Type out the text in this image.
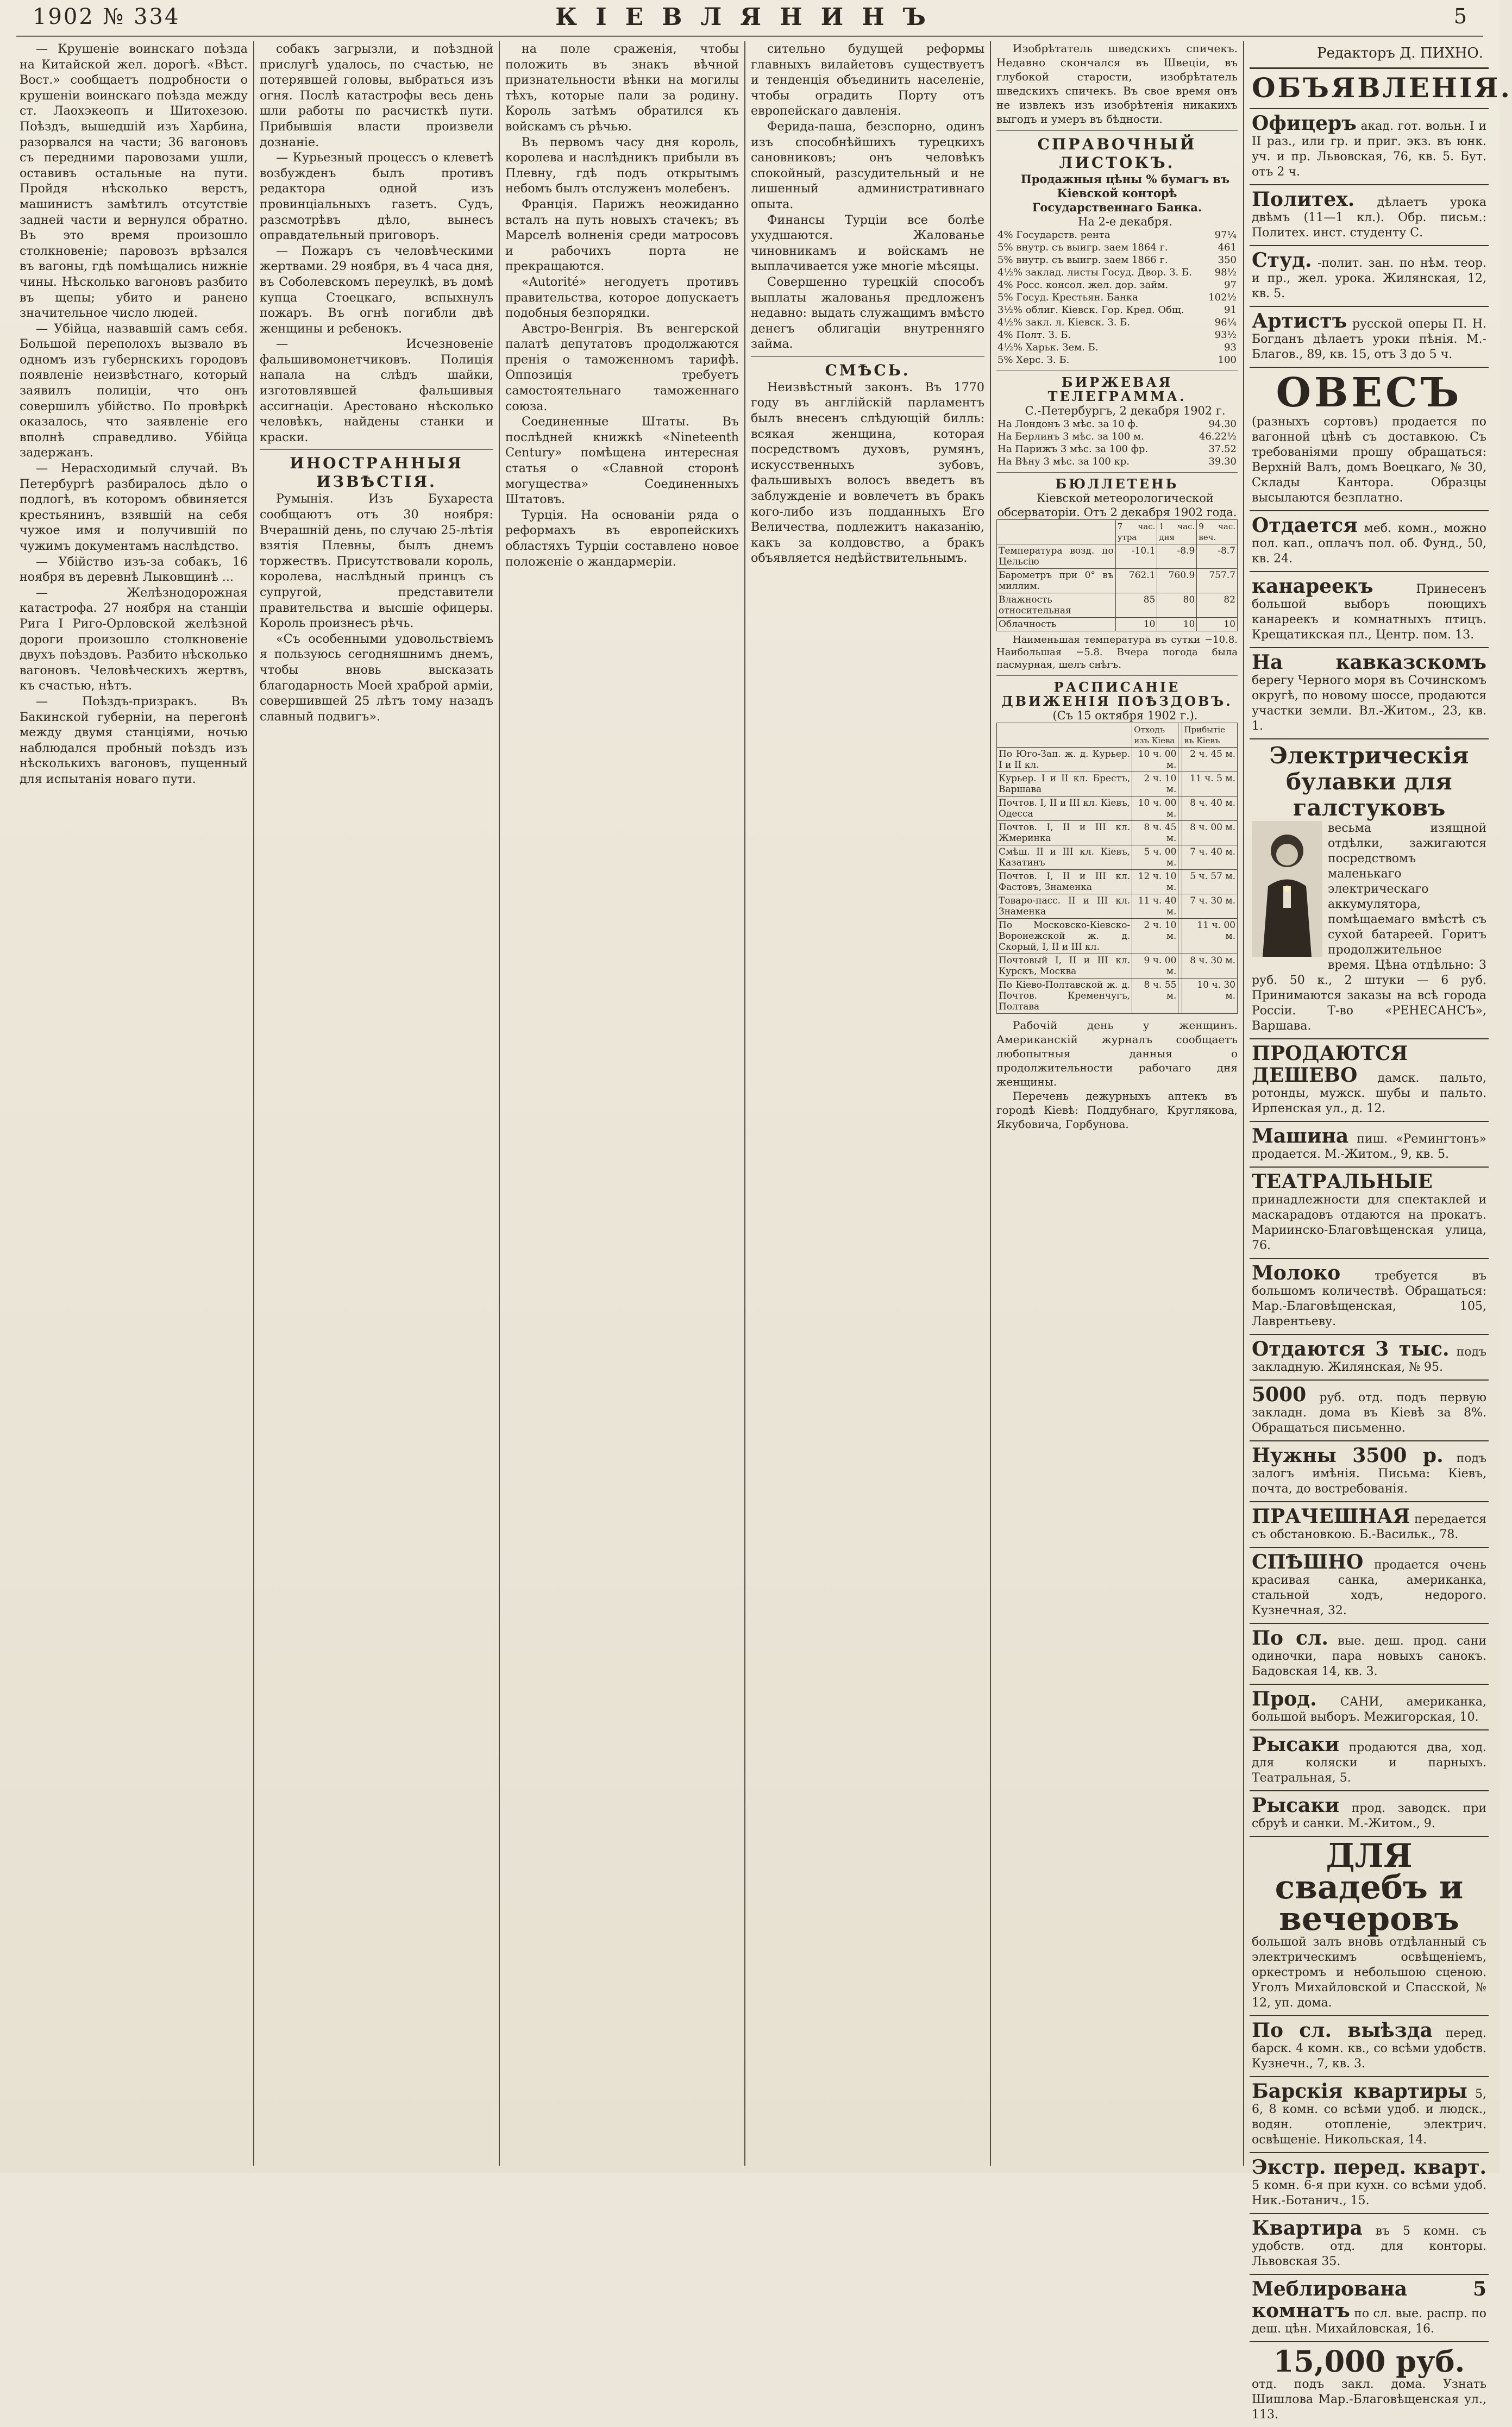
1902 № 334	КІЕВЛЯНИНЪ	5

— Крушеніе воинскаго поѣзда на Китайской жел. дорогѣ. «Вѣст. Вост.» сообщаетъ подробности о крушеніи воинскаго поѣзда между ст. Лаохэкеопъ и Шитохезою. Поѣздъ, вышедшій изъ Харбина, разорвался на части; 36 вагоновъ съ передними паровозами ушли, оставивъ остальные на пути. Пройдя нѣсколько верстъ, машинистъ замѣтилъ отсутствіе задней части и вернулся обратно. Въ это время произошло столкновеніе; паровозъ врѣзался въ вагоны, гдѣ помѣщались нижніе чины. Нѣсколько вагоновъ разбито въ щепы; убито и ранено значительное число людей.

— Убійца, назвавшій самъ себя. Большой переполохъ вызвало въ одномъ изъ губернскихъ городовъ появленіе неизвѣстнаго, который заявилъ полиціи, что онъ совершилъ убійство. По провѣркѣ оказалось, что заявленіе его вполнѣ справедливо. Убійца задержанъ.

— Нерасходимый случай. Въ Петербургѣ разбиралось дѣло о подлогѣ, въ которомъ обвиняется крестьянинъ, взявшій на себя чужое имя и получившій по чужимъ документамъ наслѣдство.

— Убійство изъ-за собакъ, 16 ноября въ деревнѣ Лыковщинѣ ...

— Желѣзнодорожная катастрофа. 27 ноября на станціи Рига I Риго-Орловской желѣзной дороги произошло столкновеніе двухъ поѣздовъ. Разбито нѣсколько вагоновъ. Человѣческихъ жертвъ, къ счастью, нѣтъ.

— Поѣздъ-призракъ. Въ Бакинской губерніи, на перегонѣ между двумя станціями, ночью наблюдался пробный поѣздъ изъ нѣсколькихъ вагоновъ, пущенный для испытанія новаго пути.

собакъ загрызли, и поѣздной прислугѣ удалось, по счастью, не потерявшей головы, выбраться изъ огня. Послѣ катастрофы весь день шли работы по расчисткѣ пути. Прибывшія власти произвели дознаніе.

— Курьезный процессъ о клеветѣ возбужденъ былъ противъ редактора одной изъ провинціальныхъ газетъ. Судъ, разсмотрѣвъ дѣло, вынесъ оправдательный приговоръ.

— Пожаръ съ человѣческими жертвами. 29 ноября, въ 4 часа дня, въ Соболевскомъ переулкѣ, въ домѣ купца Стоецкаго, вспыхнулъ пожаръ. Въ огнѣ погибли двѣ женщины и ребенокъ.

— Исчезновеніе фальшивомонетчиковъ. Полиція напала на слѣдъ шайки, изготовлявшей фальшивыя ассигнаціи. Арестовано нѣсколько человѣкъ, найдены станки и краски.

ИНОСТРАННЫЯ ИЗВѢСТІЯ.

Румынія. Изъ Бухареста сообщаютъ отъ 30 ноября: Вчерашній день, по случаю 25-лѣтія взятія Плевны, былъ днемъ торжествъ. Присутствовали король, королева, наслѣдный принцъ съ супругой, представители правительства и высшіе офицеры. Король произнесъ рѣчь.

«Съ особенными удовольствіемъ я пользуюсь сегодняшнимъ днемъ, чтобы вновь высказать благодарность Моей храброй арміи, совершившей 25 лѣтъ тому назадъ славный подвигъ».

на поле сраженія, чтобы положить въ знакъ вѣчной признательности вѣнки на могилы тѣхъ, которые пали за родину. Король затѣмъ обратился къ войскамъ съ рѣчью.

Въ первомъ часу дня король, королева и наслѣдникъ прибыли въ Плевну, гдѣ подъ открытымъ небомъ былъ отслуженъ молебенъ.

Франція. Парижъ неожиданно всталъ на путь новыхъ стачекъ; въ Марселѣ волненія среди матросовъ и рабочихъ порта не прекращаются.

«Autorité» негодуетъ противъ правительства, которое допускаетъ подобныя безпорядки.

Австро-Венгрія. Въ венгерской палатѣ депутатовъ продолжаются пренія о таможенномъ тарифѣ. Оппозиція требуетъ самостоятельнаго таможеннаго союза.

Соединенные Штаты. Въ послѣдней книжкѣ «Nineteenth Century» помѣщена интересная статья о «Славной сторонѣ могущества» Соединенныхъ Штатовъ.

Турція. На основаніи ряда о реформахъ въ европейскихъ областяхъ Турціи составлено новое положеніе о жандармеріи.

сительно будущей реформы главныхъ вилайетовъ существуетъ и тенденція объединить населеніе, чтобы оградить Порту отъ европейскаго давленія.

Ферида-паша, безспорно, одинъ изъ способнѣйшихъ турецкихъ сановниковъ; онъ человѣкъ спокойный, разсудительный и не лишенный административнаго опыта.

Финансы Турціи все болѣе ухудшаются. Жалованье чиновникамъ и войскамъ не выплачивается уже многіе мѣсяцы.

Совершенно турецкій способъ выплаты жалованья предложенъ недавно: выдать служащимъ вмѣсто денегъ облигаціи внутренняго займа.

СМѢСЬ.

Неизвѣстный законъ. Въ 1770 году въ англійскій парламентъ былъ внесенъ слѣдующій билль: всякая женщина, которая посредствомъ духовъ, румянъ, искусственныхъ зубовъ, фальшивыхъ волосъ введетъ въ заблужденіе и вовлечетъ въ бракъ кого-либо изъ подданныхъ Его Величества, подлежитъ наказанію, какъ за колдовство, а бракъ объявляется недѣйствительнымъ.

Изобрѣтатель шведскихъ спичекъ. Недавно скончался въ Швеціи, въ глубокой старости, изобрѣтатель шведскихъ спичекъ. Въ свое время онъ не извлекъ изъ изобрѣтенія никакихъ выгодъ и умеръ въ бѣдности.

СПРАВОЧНЫЙ ЛИСТОКЪ.

Продажныя цѣны % бумагъ въ Кіевской конторѣ Государственнаго Банка.

На 2-е декабря.

4% Государств. рента	97¼
5% внутр. съ выигр. заем 1864 г.	461
5% внутр. съ выигр. заем 1866 г.	350
4½% заклад. листы Госуд. Двор. З. Б.	98½
4% Росс. консол. жел. дор. займ.	97
5% Госуд. Крестьян. Банка	102½
3½% облиг. Кіевск. Гор. Кред. Общ.	91
4½% закл. л. Кіевск. З. Б.	96¼
4% Полт. З. Б.	93½
4½% Харьк. Зем. Б.	93
5% Херс. З. Б.	100

БИРЖЕВАЯ ТЕЛЕГРАММА.

С.-Петербургъ, 2 декабря 1902 г.

На Лондонъ 3 мѣс. за 10 ф.	94.30
На Берлинъ 3 мѣс. за 100 м.	46.22½
На Парижъ 3 мѣс. за 100 фр.	37.52
На Вѣну 3 мѣс. за 100 кр.	39.30

БЮЛЛЕТЕНЬ

Кіевской метеорологической обсерваторіи. Отъ 2 декабря 1902 года.

	7 час. утра	1 час. дня	9 час. веч.
Температура возд. по Цельсію	-10.1	-8.9	-8.7
Барометръ при 0° въ миллим.	762.1	760.9	757.7
Влажность относительная	85	80	82
Облачность	10	10	10

Наименьшая температура въ сутки −10.8. Наибольшая −5.8. Вчера погода была пасмурная, шелъ снѣгъ.

РАСПИСАНІЕ ДВИЖЕНІЯ ПОѢЗДОВЪ.

(Съ 15 октября 1902 г.).

	Отходъ изъ Кіева		Прибытіе въ Кіевъ
По Юго-Зап. ж. д. Курьер. I и II кл.	10 ч. 00 м.		2 ч. 45 м.
Курьер. I и II кл. Брестъ, Варшава	2 ч. 10 м.		11 ч. 5 м.
Почтов. I, II и III кл. Кіевъ, Одесса	10 ч. 00 м.		8 ч. 40 м.
Почтов. I, II и III кл. Жмеринка	8 ч. 45 м.		8 ч. 00 м.
Смѣш. II и III кл. Кіевъ, Казатинъ	5 ч. 00 м.		7 ч. 40 м.
Почтов. I, II и III кл. Фастовъ, Знаменка	12 ч. 10 м.		5 ч. 57 м.
Товаро-пасс. II и III кл. Знаменка	11 ч. 40 м.		7 ч. 30 м.
По Московско-Кіевско-Воронежской ж. д. Скорый, I, II и III кл.	2 ч. 10 м.		11 ч. 00 м.
Почтовый I, II и III кл. Курскъ, Москва	9 ч. 00 м.		8 ч. 30 м.
По Кіево-Полтавской ж. д. Почтов. Кременчугъ, Полтава	8 ч. 55 м.		10 ч. 30 м.

Рабочій день у женщинъ. Американскій журналъ сообщаетъ любопытныя данныя о продолжительности рабочаго дня женщины.

Перечень дежурныхъ аптекъ въ городѣ Кіевѣ: Поддубнаго, Круглякова, Якубовича, Горбунова.

Редакторъ Д. ПИХНО.
ОБЪЯВЛЕНІЯ.
Офицеръ акад. гот. вольн. I и II раз., или гр. и приг. экз. въ юнк. уч. и пр. Львовская, 76, кв. 5. Бут. отъ 2 ч.
Политех. дѣлаетъ урока двѣмъ (11—1 кл.). Обр. письм.: Политех. инст. студенту С.
Студ. -полит. зан. по нѣм. теор. и пр., жел. урока. Жилянская, 12, кв. 5.
Артистъ русской оперы П. Н. Богданъ дѣлаетъ уроки пѣнія. М.-Благов., 89, кв. 15, отъ 3 до 5 ч.
ОВЕСЪ
(разныхъ сортовъ) продается по вагонной цѣнѣ съ доставкою. Съ требованіями прошу обращаться: Верхній Валъ, домъ Воецкаго, № 30, Склады Кантора. Образцы высылаются безплатно.
Отдается меб. комн., можно пол. кап., оплачъ пол. об. Фунд., 50, кв. 24.
канареекъ	Принесенъ большой выборъ поющихъ канареекъ и комнатныхъ птицъ. Крещатикская пл., Центр. пом. 13.
На кавказскомъ берегу Черного моря въ Сочинскомъ округѣ, по новому шоссе, продаются участки земли. Вл.-Житом., 23, кв. 1.
Электрическія булавки для галстуковъ
весьма изящной отдѣлки, зажигаются посредствомъ маленькаго электрическаго аккумулятора, помѣщаемаго вмѣстѣ съ сухой батареей. Горитъ продолжительное время. Цѣна отдѣльно: 3 руб. 50 к., 2 штуки — 6 руб. Принимаются заказы на всѣ города Россіи. Т-во «РЕНЕСАНСЪ», Варшава.
ПРОДАЮТСЯ ДЕШЕВО дамск. пальто, ротонды, мужск. шубы и пальто. Ирпенская ул., д. 12.
Машина пиш. «Ремингтонъ» продается. М.-Житом., 9, кв. 5.
ТЕАТРАЛЬНЫЕ принадлежности для спектаклей и маскарадовъ отдаются на прокатъ. Мариинско-Благовѣщенская улица, 76.
Молоко	требуется въ большомъ количествѣ. Обращаться: Мар.-Благовѣщенская, 105, Лаврентьеву.
Отдаются 3 тыс. подъ закладную. Жилянская, № 95.
5000 руб. отд. подъ первую закладн. дома въ Кіевѣ за 8%. Обращаться письменно.
Нужны 3500 р. подъ залогъ имѣнія. Письма: Кіевъ, почта, до востребованія.
ПРАЧЕШНАЯ передается съ обстановкою. Б.-Васильк., 78.
СПѢШНО продается очень красивая санка, американка, стальной ходъ, недорого. Кузнечная, 32.
По сл. вые. деш. прод. сани одиночки, пара новыхъ санокъ. Бадовская 14, кв. 3.
Прод. САНИ, американка, большой выборъ. Межигорская, 10.
Рысаки продаются два, ход. для коляски и парныхъ. Театральная, 5.
Рысаки прод. заводск. при сбруѣ и санки. М.-Житом., 9.
ДЛЯ свадебъ и вечеровъ
большой залъ вновь отдѣланный съ электрическимъ освѣщеніемъ, оркестромъ и небольшою сценою. Уголъ Михайловской и Спасской, № 12, уп. дома.
По сл. выѣзда перед. барск. 4 комн. кв., со всѣми удобств. Кузнечн., 7, кв. 3.
Барскія квартиры 5, 6, 8 комн. со всѣми удоб. и людск., водян. отопленіе, электрич. освѣщеніе. Никольская, 14.
Экстр. перед. кварт. 5 комн. 6-я при кухн. со всѣми удоб. Ник.-Ботанич., 15.
Квартира въ 5 комн. съ удобств. отд. для конторы. Львовская 35.
Меблирована 5 комнатъ по сл. вые. распр. по деш. цѣн. Михайловская, 16.
15,000 руб.
отд. подъ закл. дома. Узнать Шишлова Мар.-Благовѣщенская ул., 113.
